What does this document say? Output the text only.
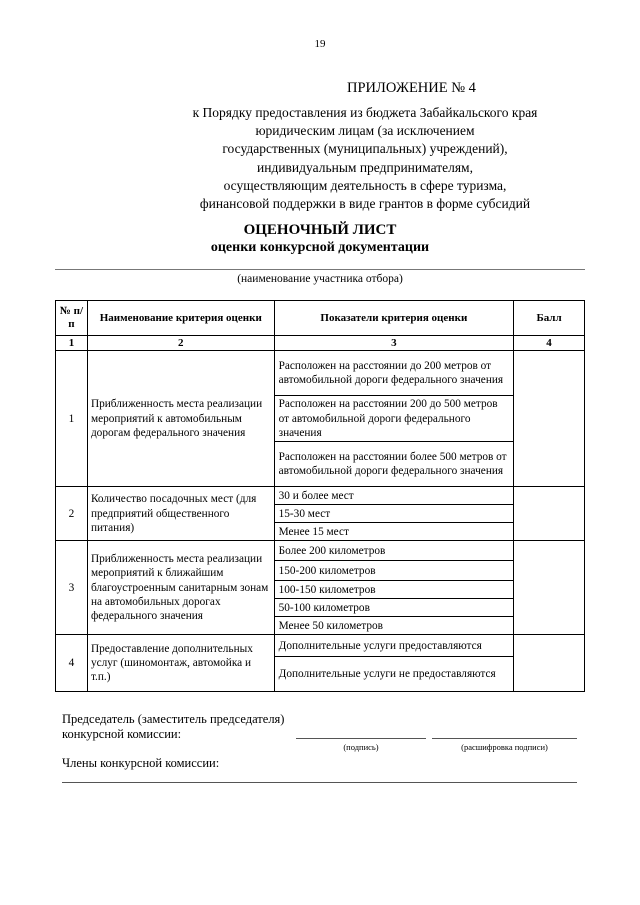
19
ПРИЛОЖЕНИЕ № 4
к Порядку предоставления из бюджета Забайкальского края
юридическим лицам (за исключением
государственных (муниципальных) учреждений),
индивидуальным предпринимателям,
осуществляющим деятельность в сфере туризма,
финансовой поддержки в виде грантов в форме субсидий
ОЦЕНОЧНЫЙ ЛИСТ
оценки конкурсной документации
(наименование участника отбора)
№ п/п	Наименование критерия оценки	Показатели критерия оценки	Балл
1	2	3	4
1	Приближенность места реализации мероприятий к автомобильным дорогам федерального значения	Расположен на расстоянии до 200 метров от автомобильной дороги федерального значения	
		Расположен на расстоянии 200 до 500 метров от автомобильной дороги федерального значения	
		Расположен на расстоянии более 500 метров от автомобильной дороги федерального значения	
2	Количество посадочных мест (для предприятий общественного питания)	30 и более мест	
		15-30 мест	
		Менее 15 мест	
3	Приближенность места реализации мероприятий к ближайшим благоустроенным санитарным зонам на автомобильных дорогах федерального значения	Более 200 километров	
		150-200 километров	
		100-150 километров	
		50-100 километров	
		Менее 50 километров	
4	Предоставление дополнительных услуг (шиномонтаж, автомойка и т.п.)	Дополнительные услуги предоставляются	
		Дополнительные услуги не предоставляются	
Председатель (заместитель председателя)
конкурсной комиссии:
(подпись)	(расшифровка подписи)
Члены конкурсной комиссии:
